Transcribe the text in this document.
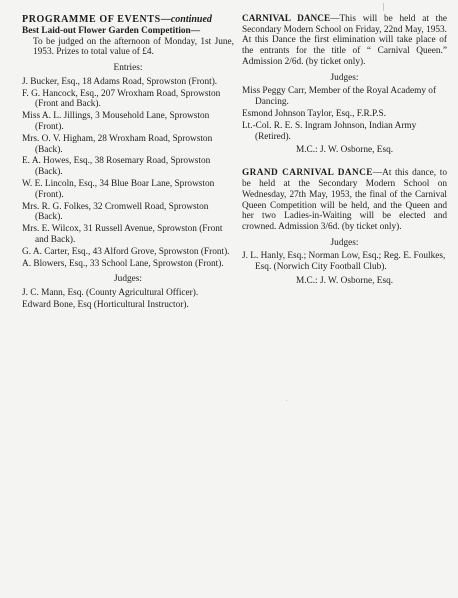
PROGRAMME OF EVENTS—continued
Best Laid-out Flower Garden Competition—

To be judged on the afternoon of Monday, 1st June, 1953. Prizes to total value of £4.

Entries:
J. Bucker, Esq., 18 Adams Road, Sprowston (Front).
F. G. Hancock, Esq., 207 Wroxham Road, Sprowston (Front and Back).
Miss A. L. Jillings, 3 Mousehold Lane, Sprowston (Front).
Mrs. O. V. Higham, 28 Wroxham Road, Sprowston (Back).
E. A. Howes, Esq., 38 Rosemary Road, Sprowston (Back).
W. E. Lincoln, Esq., 34 Blue Boar Lane, Sprowston (Front).
Mrs. R. G. Folkes, 32 Cromwell Road, Sprowston (Back).
Mrs. E. Wilcox, 31 Russell Avenue, Sprowston (Front and Back).
G. A. Carter, Esq., 43 Alford Grove, Sprowston (Front).
A. Blowers, Esq., 33 School Lane, Sprowston (Front).
Judges:
J. C. Mann, Esq. (County Agricultural Officer).
Edward Bone, Esq (Horticultural Instructor).

CARNIVAL DANCE—This will be held at the Secondary Modern School on Friday, 22nd May, 1953. At this Dance the first elimination will take place of the entrants for the title of “ Carnival Queen.” Admission 2/6d. (by ticket only).

Judges:
Miss Peggy Carr, Member of the Royal Academy of Dancing.
Esmond Johnson Taylor, Esq., F.R.P.S.
Lt.-Col. R. E. S. Ingram Johnson, Indian Army (Retired).
M.C.: J. W. Osborne, Esq.

GRAND CARNIVAL DANCE—At this dance, to be held at the Secondary Modern School on Wednesday, 27th May, 1953, the final of the Carnival Queen Competition will be held, and the Queen and her two Ladies-in-Waiting will be elected and crowned. Admission 3/6d. (by ticket only).

Judges:
J. L. Hanly, Esq.; Norman Low, Esq.; Reg. E. Foulkes, Esq. (Norwich City Football Club).
M.C.: J. W. Osborne, Esq.
|
.
